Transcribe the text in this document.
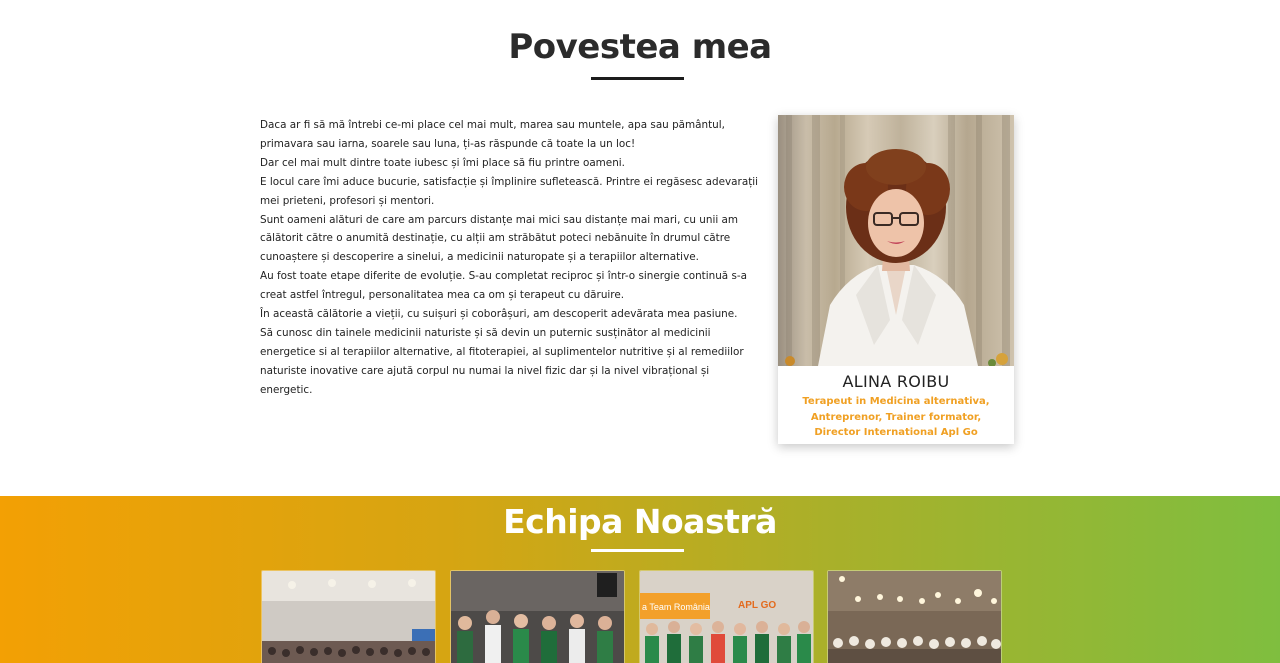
Povestea mea

Daca ar fi să mă întrebi ce-mi place cel mai mult, marea sau muntele, apa sau pământul, primavara sau iarna, soarele sau luna, ți-as răspunde că toate la un loc!

Dar cel mai mult dintre toate iubesc și îmi place să fiu printre oameni.

E locul care îmi aduce bucurie, satisfacție și împlinire sufletească. Printre ei regăsesc adevarații mei prieteni, profesori și mentori.

Sunt oameni alături de care am parcurs distanțe mai mici sau distanțe mai mari, cu unii am călătorit către o anumită destinație, cu alții am străbătut poteci nebănuite în drumul către cunoaștere și descoperire a sinelui, a medicinii naturopate și a terapiilor alternative.

Au fost toate etape diferite de evoluție. S-au completat reciproc și într-o sinergie continuă s-a creat astfel întregul, personalitatea mea ca om și terapeut cu dăruire.

În această călătorie a vieții, cu suișuri și coborâșuri, am descoperit adevărata mea pasiune.

Să cunosc din tainele medicinii naturiste și să devin un puternic susținător al medicinii energetice si al terapiilor alternative, al fitoterapiei, al suplimentelor nutritive și al remediilor naturiste inovative care ajută corpul nu numai la nivel fizic dar și la nivel vibrațional și energetic.	ALINA ROIBU
Terapeut in Medicina alternativa, Antreprenor, Trainer formator, Director International Apl Go
Echipa Noastră
a Team România	APL GO
